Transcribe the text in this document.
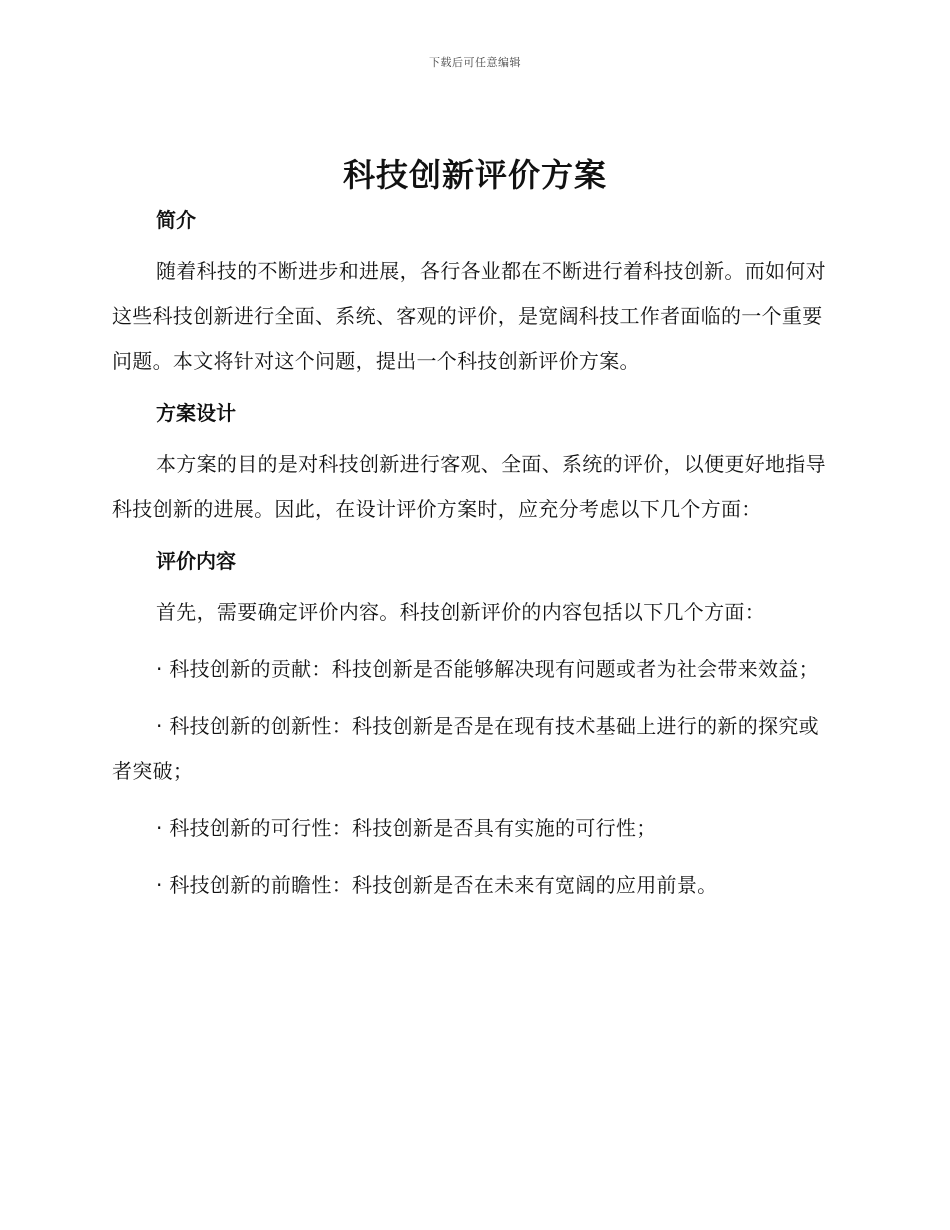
下载后可任意编辑
科技创新评价方案
简介

随着科技的不断进步和进展，各行各业都在不断进行着科技创新。而如何对这些科技创新进行全面、系统、客观的评价，是宽阔科技工作者面临的一个重要问题。本文将针对这个问题，提出一个科技创新评价方案。

方案设计

本方案的目的是对科技创新进行客观、全面、系统的评价，以便更好地指导科技创新的进展。因此，在设计评价方案时，应充分考虑以下几个方面：

评价内容

首先，需要确定评价内容。科技创新评价的内容包括以下几个方面：

· 科技创新的贡献：科技创新是否能够解决现有问题或者为社会带来效益；

· 科技创新的创新性：科技创新是否是在现有技术基础上进行的新的探究或者突破；

· 科技创新的可行性：科技创新是否具有实施的可行性；

· 科技创新的前瞻性：科技创新是否在未来有宽阔的应用前景。
